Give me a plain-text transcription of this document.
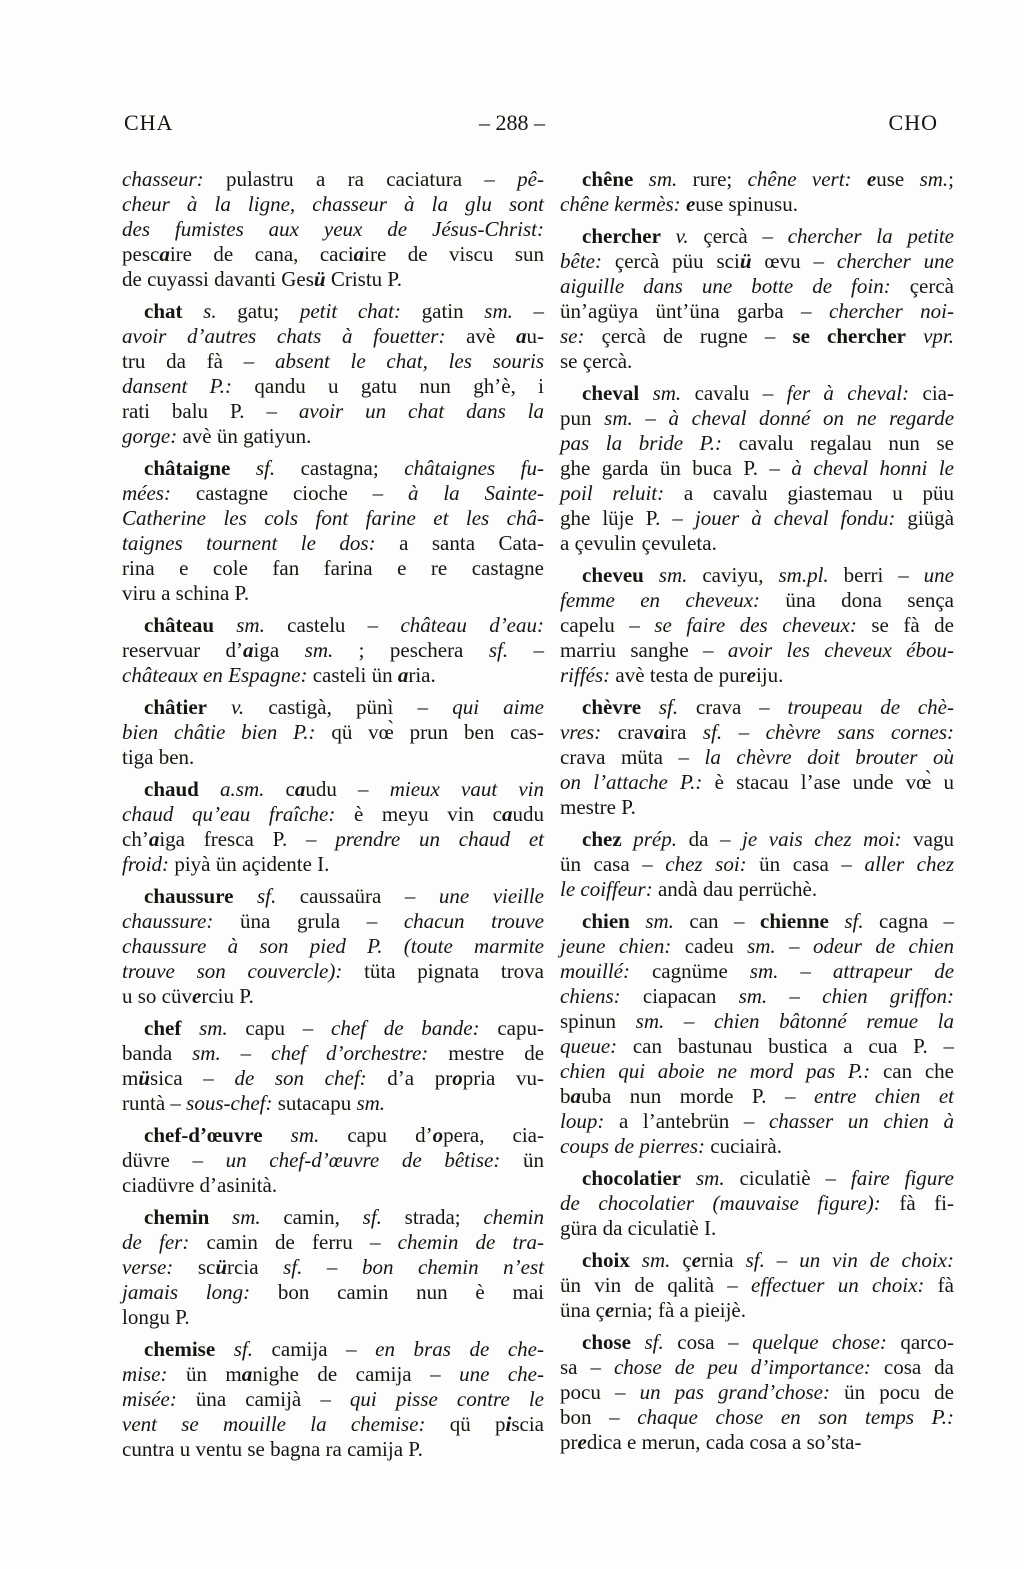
CHA	– 288 –	CHO
chasseur: pulastru a ra caciatura – pê-
cheur à la ligne, chasseur à la glu sont
des fumistes aux yeux de Jésus-Christ:
pescaire de cana, caciaire de viscu sun
de cuyassi davanti Gesü Cristu P.
chat s. gatu; petit chat: gatin sm. –
avoir d’autres chats à fouetter: avè au-
tru da fà – absent le chat, les souris
dansent P.: qandu u gatu nun gh’è, i
rati balu P. – avoir un chat dans la
gorge: avè ün gatiyun.
châtaigne sf. castagna; châtaignes fu-
mées: castagne cioche – à la Sainte-
Catherine les cols font farine et les châ-
taignes tournent le dos: a santa Cata-
rina e cole fan farina e re castagne
viru a schina P.
château sm. castelu – château d’eau:
reservuar d’aiga sm. ; peschera sf. –
châteaux en Espagne: casteli ün aria.
châtier v. castigà, pünì – qui aime
bien châtie bien P.: qü vœ̀ prun ben cas-
tiga ben.
chaud a.sm. caudu – mieux vaut vin
chaud qu’eau fraîche: è meyu vin caudu
ch’aiga fresca P. – prendre un chaud et
froid: piyà ün açidente I.
chaussure sf. caussaüra – une vieille
chaussure: üna grula – chacun trouve
chaussure à son pied P. (toute marmite
trouve son couvercle): tüta pignata trova
u so cüverciu P.
chef sm. capu – chef de bande: capu-
banda sm. – chef d’orchestre: mestre de
müsica – de son chef: d’a propria vu-
runtà – sous-chef: sutacapu sm.
chef-d’œuvre sm. capu d’opera, cia-
düvre – un chef-d’œuvre de bêtise: ün
ciadüvre d’asinità.
chemin sm. camin, sf. strada; chemin
de fer: camin de ferru – chemin de tra-
verse: scürcia sf. – bon chemin n’est
jamais long: bon camin nun è mai
longu P.
chemise sf. camija – en bras de che-
mise: ün manighe de camija – une che-
misée: üna camijà – qui pisse contre le
vent se mouille la chemise: qü piscia
cuntra u ventu se bagna ra camija P.
chêne sm. rure; chêne vert: euse sm.;
chêne kermès: euse spinusu.
chercher v. çercà – chercher la petite
bête: çercà püu sciü œvu – chercher une
aiguille dans une botte de foin: çercà
ün’agüya ünt’üna garba – chercher noi-
se: çercà de rugne – se chercher vpr.
se çercà.
cheval sm. cavalu – fer à cheval: cia-
pun sm. – à cheval donné on ne regarde
pas la bride P.: cavalu regalau nun se
ghe garda ün buca P. – à cheval honni le
poil reluit: a cavalu giastemau u püu
ghe lüje P. – jouer à cheval fondu: giügà
a çevulin çevuleta.
cheveu sm. caviyu, sm.pl. berri – une
femme en cheveux: üna dona sença
capelu – se faire des cheveux: se fà de
marriu sanghe – avoir les cheveux ébou-
riffés: avè testa de pureiju.
chèvre sf. crava – troupeau de chè-
vres: cravaira sf. – chèvre sans cornes:
crava müta – la chèvre doit brouter où
on l’attache P.: è stacau l’ase unde vœ̀ u
mestre P.
chez prép. da – je vais chez moi: vagu
ün casa – chez soi: ün casa – aller chez
le coiffeur: andà dau perrüchè.
chien sm. can – chienne sf. cagna –
jeune chien: cadeu sm. – odeur de chien
mouillé: cagnüme sm. – attrapeur de
chiens: ciapacan sm. – chien griffon:
spinun sm. – chien bâtonné remue la
queue: can bastunau bustica a cua P. –
chien qui aboie ne mord pas P.: can che
bauba nun morde P. – entre chien et
loup: a l’antebrün – chasser un chien à
coups de pierres: cuciairà.
chocolatier sm. ciculatiè – faire figure
de chocolatier (mauvaise figure): fà fi-
güra da ciculatiè I.
choix sm. çernia sf. – un vin de choix:
ün vin de qalità – effectuer un choix: fà
üna çernia; fà a pieijè.
chose sf. cosa – quelque chose: qarco-
sa – chose de peu d’importance: cosa da
pocu – un pas grand’chose: ün pocu de
bon – chaque chose en son temps P.:
predica e merun, cada cosa a so’sta-
